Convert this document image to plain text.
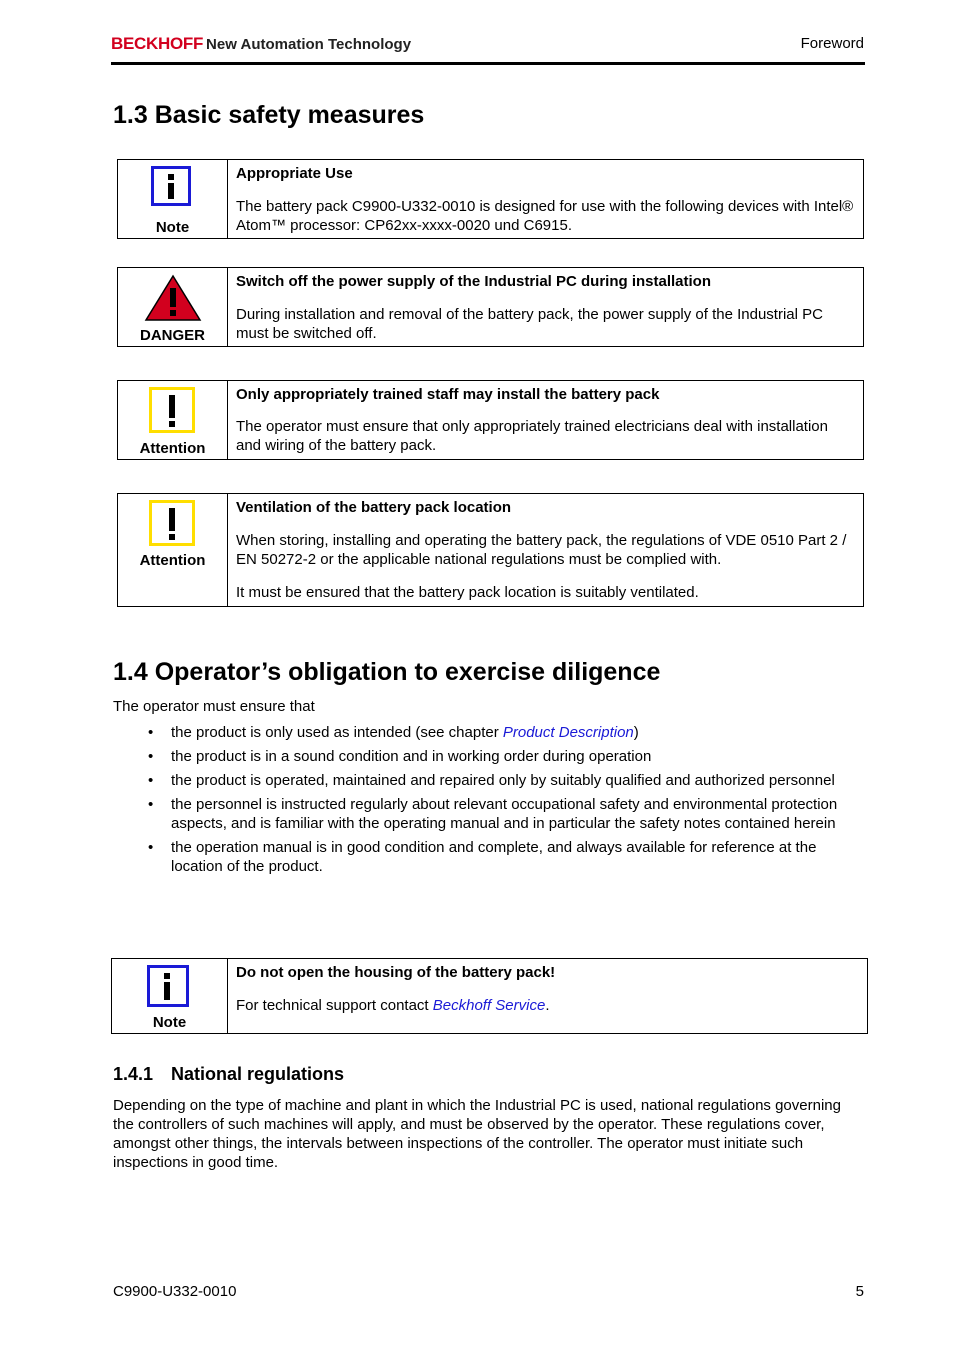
BECKHOFF New Automation Technology	Foreword
1.3 Basic safety measures
Note
Appropriate Use

The battery pack C9900-U332-0010 is designed for use with the following devices with Intel® Atom™ processor: CP62xx-xxxx-0020 und C6915.

DANGER
Switch off the power supply of the Industrial PC during installation

During installation and removal of the battery pack, the power supply of the Industrial PC must be switched off.

Attention
Only appropriately trained staff may install the battery pack

The operator must ensure that only appropriately trained electricians deal with installation and wiring of the battery pack.

Attention
Ventilation of the battery pack location

When storing, installing and operating the battery pack, the regulations of VDE 0510 Part 2 / EN 50272-2 or the applicable national regulations must be complied with.

It must be ensured that the battery pack location is suitably ventilated.

1.4 Operator’s obligation to exercise diligence
The operator must ensure that
• the product is only used as intended (see chapter Product Description)
• the product is in a sound condition and in working order during operation
• the product is operated, maintained and repaired only by suitably qualified and authorized personnel
• the personnel is instructed regularly about relevant occupational safety and environmental protection aspects, and is familiar with the operating manual and in particular the safety notes contained herein
• the operation manual is in good condition and complete, and always available for reference at the location of the product.
Note
Do not open the housing of the battery pack!

For technical support contact Beckhoff Service.

1.4.1 National regulations
Depending on the type of machine and plant in which the Industrial PC is used, national regulations governing the controllers of such machines will apply, and must be observed by the operator. These regulations cover, amongst other things, the intervals between inspections of the controller. The operator must initiate such inspections in good time.
C9900-U332-0010	5
